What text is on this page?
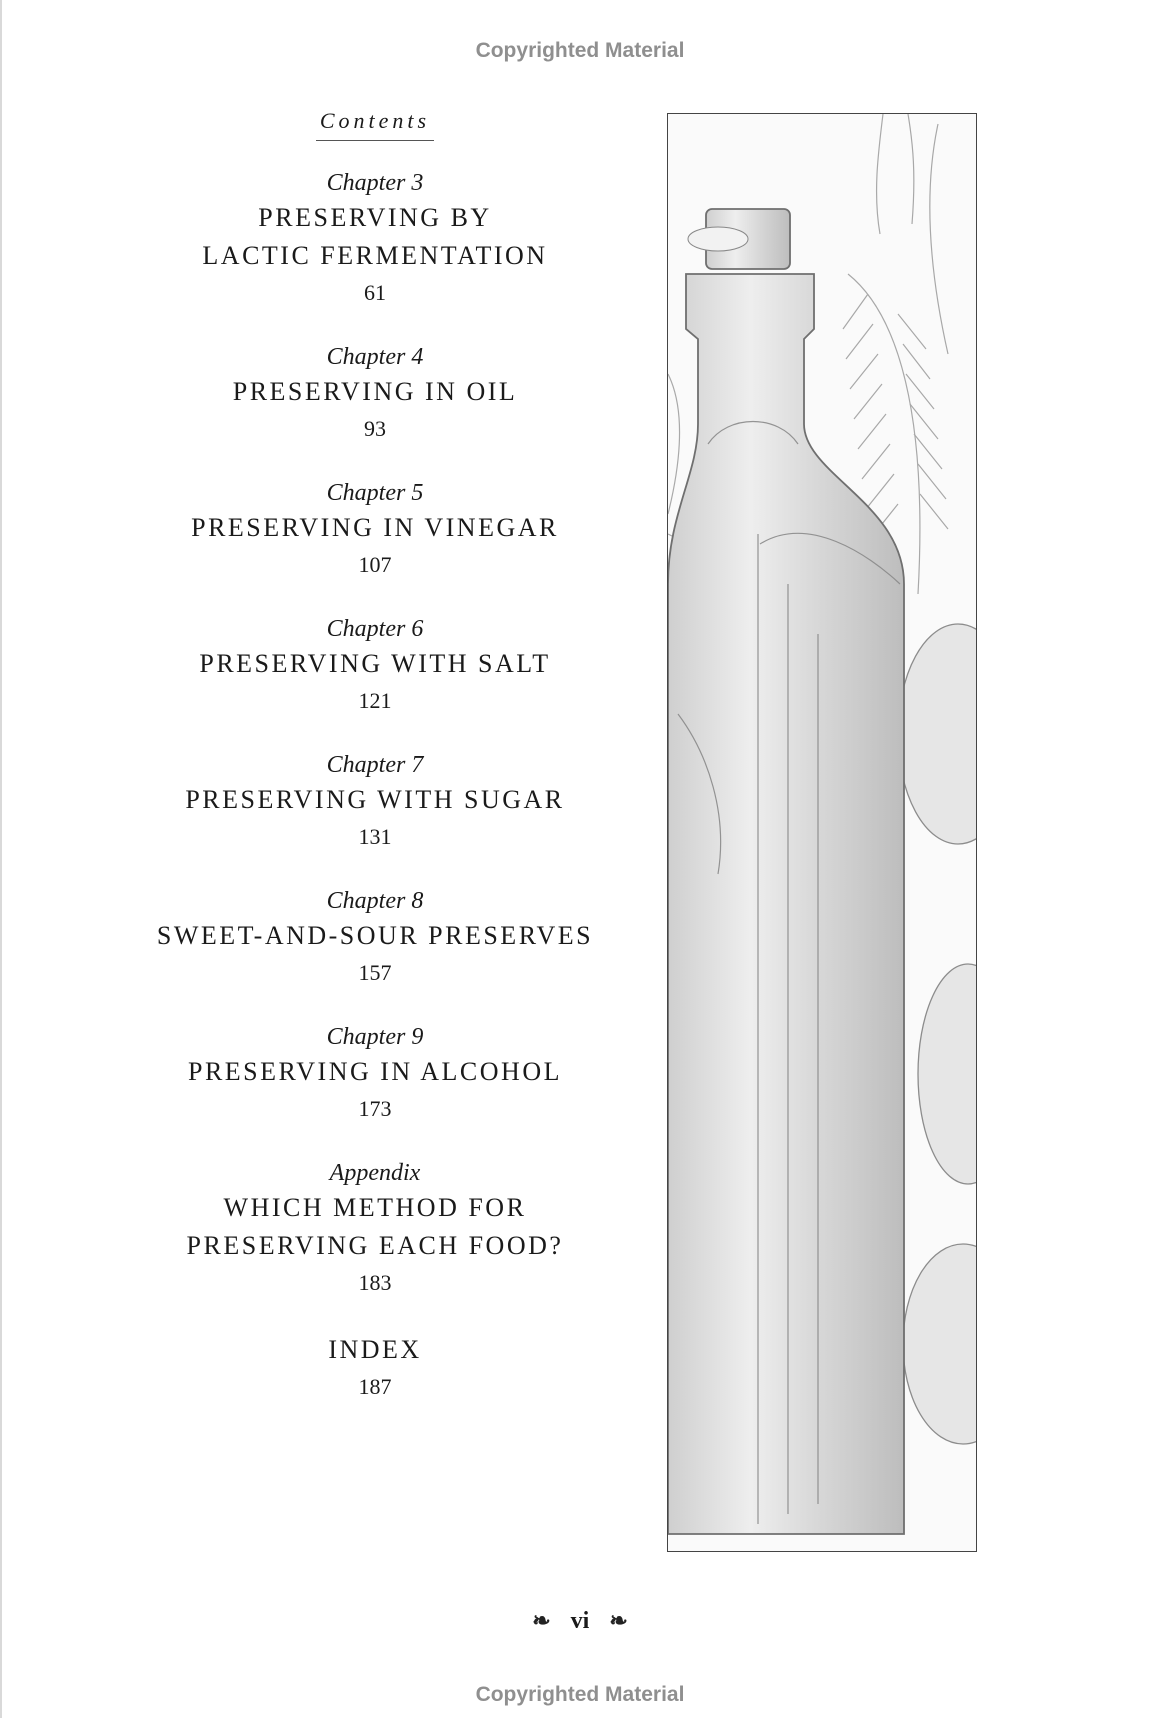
Copyrighted Material
Contents
Chapter 3
PRESERVING BY
LACTIC FERMENTATION
61
Chapter 4
PRESERVING IN OIL
93
Chapter 5
PRESERVING IN VINEGAR
107
Chapter 6
PRESERVING WITH SALT
121
Chapter 7
PRESERVING WITH SUGAR
131
Chapter 8
SWEET-AND-SOUR PRESERVES
157
Chapter 9
PRESERVING IN ALCOHOL
173
Appendix
WHICH METHOD FOR
PRESERVING EACH FOOD?
183
INDEX
187
❧ vi ❧
Copyrighted Material
